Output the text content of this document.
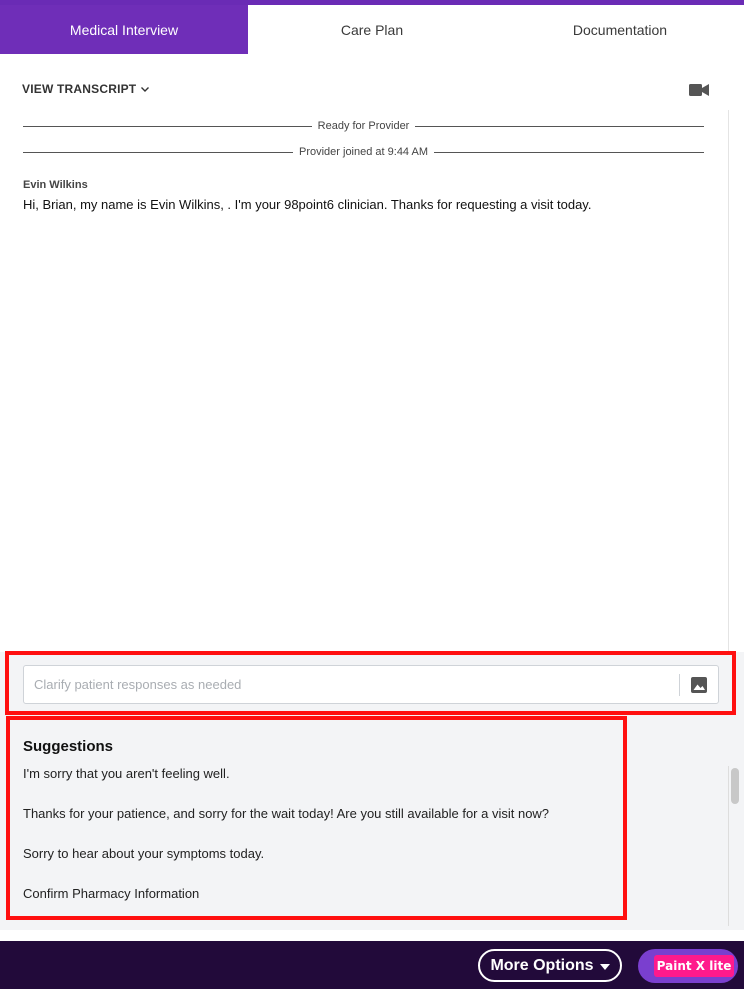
Medical Interview	Care Plan	Documentation
VIEW TRANSCRIPT
Ready for Provider
Provider joined at 9:44 AM
Evin Wilkins
Hi, Brian, my name is Evin Wilkins, . I'm your 98point6 clinician. Thanks for requesting a visit today.
Clarify patient responses as needed
Suggestions
I'm sorry that you aren't feeling well.
Thanks for your patience, and sorry for the wait today! Are you still available for a visit now?
Sorry to hear about your symptoms today.
Confirm Pharmacy Information
More Options	Paint X lite
